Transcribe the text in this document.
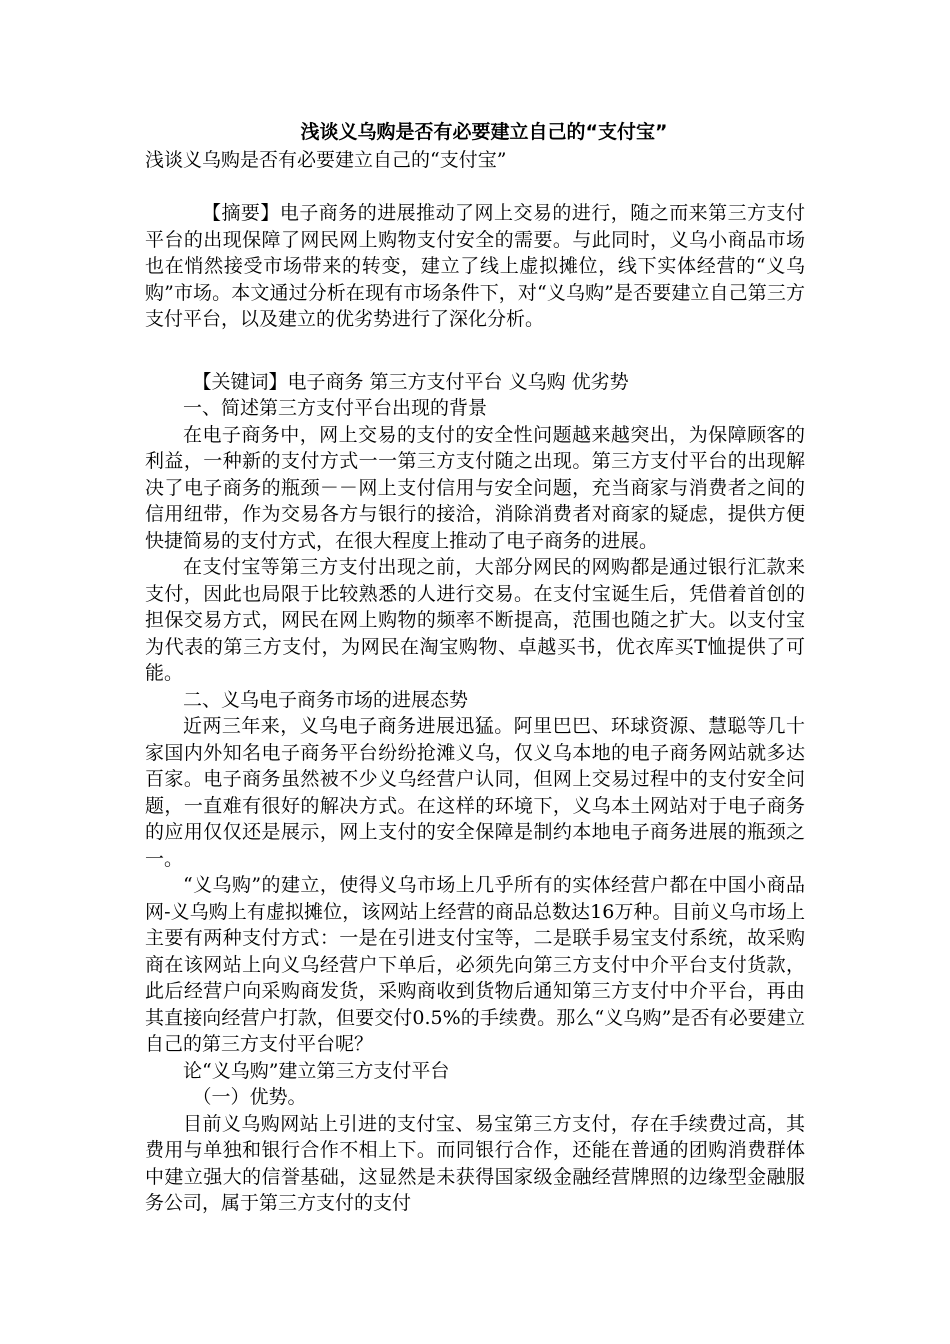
浅谈义乌购是否有必要建立自己的“支付宝”
浅谈义乌购是否有必要建立自己的“支付宝”

【摘要】电子商务的进展推动了网上交易的进行，随之而来第三方支付平台的出现保障了网民网上购物支付安全的需要。与此同时，义乌小商品市场也在悄然接受市场带来的转变，建立了线上虚拟摊位，线下实体经营的“义乌购”市场。本文通过分析在现有市场条件下，对“义乌购”是否要建立自己第三方支付平台，以及建立的优劣势进行了深化分析。

【关键词】电子商务 第三方支付平台 义乌购 优劣势

一、简述第三方支付平台出现的背景

在电子商务中，网上交易的支付的安全性问题越来越突出，为保障顾客的利益，一种新的支付方式一一第三方支付随之出现。第三方支付平台的出现解决了电子商务的瓶颈－－网上支付信用与安全问题，充当商家与消费者之间的信用纽带，作为交易各方与银行的接洽，消除消费者对商家的疑虑，提供方便快捷简易的支付方式，在很大程度上推动了电子商务的进展。

在支付宝等第三方支付出现之前，大部分网民的网购都是通过银行汇款来支付，因此也局限于比较熟悉的人进行交易。在支付宝诞生后，凭借着首创的担保交易方式，网民在网上购物的频率不断提高，范围也随之扩大。以支付宝为代表的第三方支付，为网民在淘宝购物、卓越买书，优衣库买T恤提供了可能。

二、义乌电子商务市场的进展态势

近两三年来，义乌电子商务进展迅猛。阿里巴巴、环球资源、慧聪等几十家国内外知名电子商务平台纷纷抢滩义乌，仅义乌本地的电子商务网站就多达百家。电子商务虽然被不少义乌经营户认同，但网上交易过程中的支付安全问题，一直难有很好的解决方式。在这样的环境下，义乌本土网站对于电子商务的应用仅仅还是展示，网上支付的安全保障是制约本地电子商务进展的瓶颈之一。

“义乌购”的建立，使得义乌市场上几乎所有的实体经营户都在中国小商品网-义乌购上有虚拟摊位，该网站上经营的商品总数达16万种。目前义乌市场上主要有两种支付方式：一是在引进支付宝等，二是联手易宝支付系统，故采购商在该网站上向义乌经营户下单后，必须先向第三方支付中介平台支付货款，此后经营户向采购商发货，采购商收到货物后通知第三方支付中介平台，再由其直接向经营户打款，但要交付0.5%的手续费。那么“义乌购”是否有必要建立自己的第三方支付平台呢？

论“义乌购”建立第三方支付平台

（一）优势。

目前义乌购网站上引进的支付宝、易宝第三方支付，存在手续费过高，其费用与单独和银行合作不相上下。而同银行合作，还能在普通的团购消费群体中建立强大的信誉基础，这显然是未获得国家级金融经营牌照的边缘型金融服务公司，属于第三方支付的支付
